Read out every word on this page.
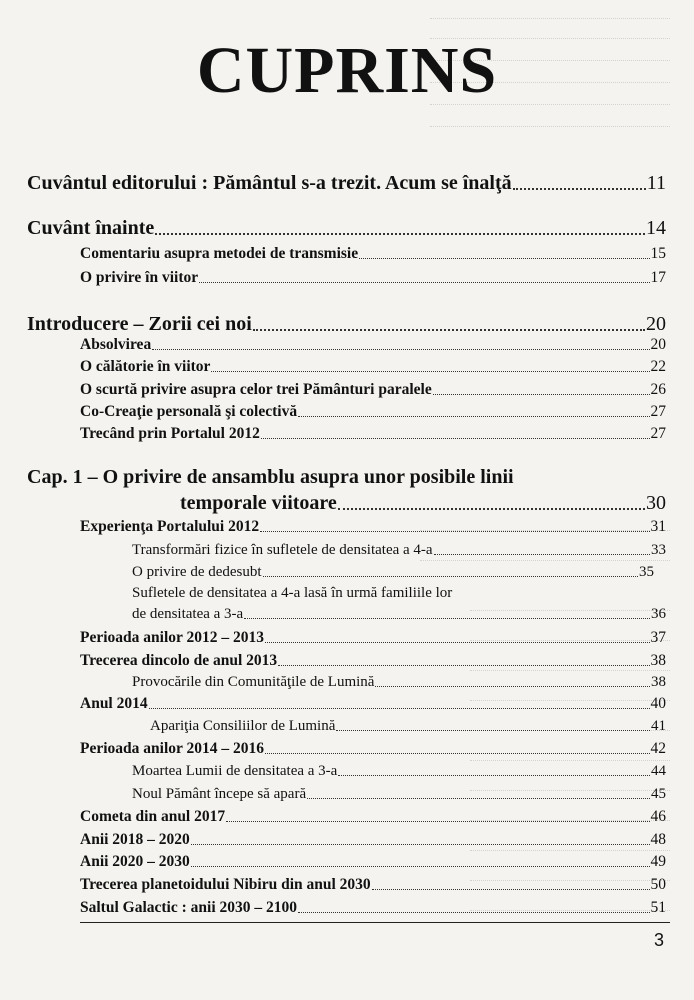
CUPRINS
Cuvântul editorului : Pământul s-a trezit. Acum se înalţă	11
Cuvânt înainte	14
Comentariu asupra metodei de transmisie	15
O privire în viitor	17
Introducere – Zorii cei noi	20
Absolvirea	20
O călătorie în viitor	22
O scurtă privire asupra celor trei Pământuri paralele	26
Co-Creaţie personală şi colectivă	27
Trecând prin Portalul 2012	27
Cap. 1 – O privire de ansamblu asupra unor posibile linii
temporale viitoare	30
Experienţa Portalului 2012	31
Transformări fizice în sufletele de densitatea a 4-a	33
O privire de dedesubt	35
Sufletele de densitatea a 4-a lasă în urmă familiile lor
de densitatea a 3-a	36
Perioada anilor 2012 – 2013	37
Trecerea dincolo de anul 2013	38
Provocările din Comunităţile de Lumină	38
Anul 2014	40
Apariţia Consiliilor de Lumină	41
Perioada anilor 2014 – 2016	42
Moartea Lumii de densitatea a 3-a	44
Noul Pământ începe să apară	45
Cometa din anul 2017	46
Anii 2018 – 2020	48
Anii 2020 – 2030	49
Trecerea planetoidului Nibiru din anul 2030	50
Saltul Galactic : anii 2030 – 2100	51
3
